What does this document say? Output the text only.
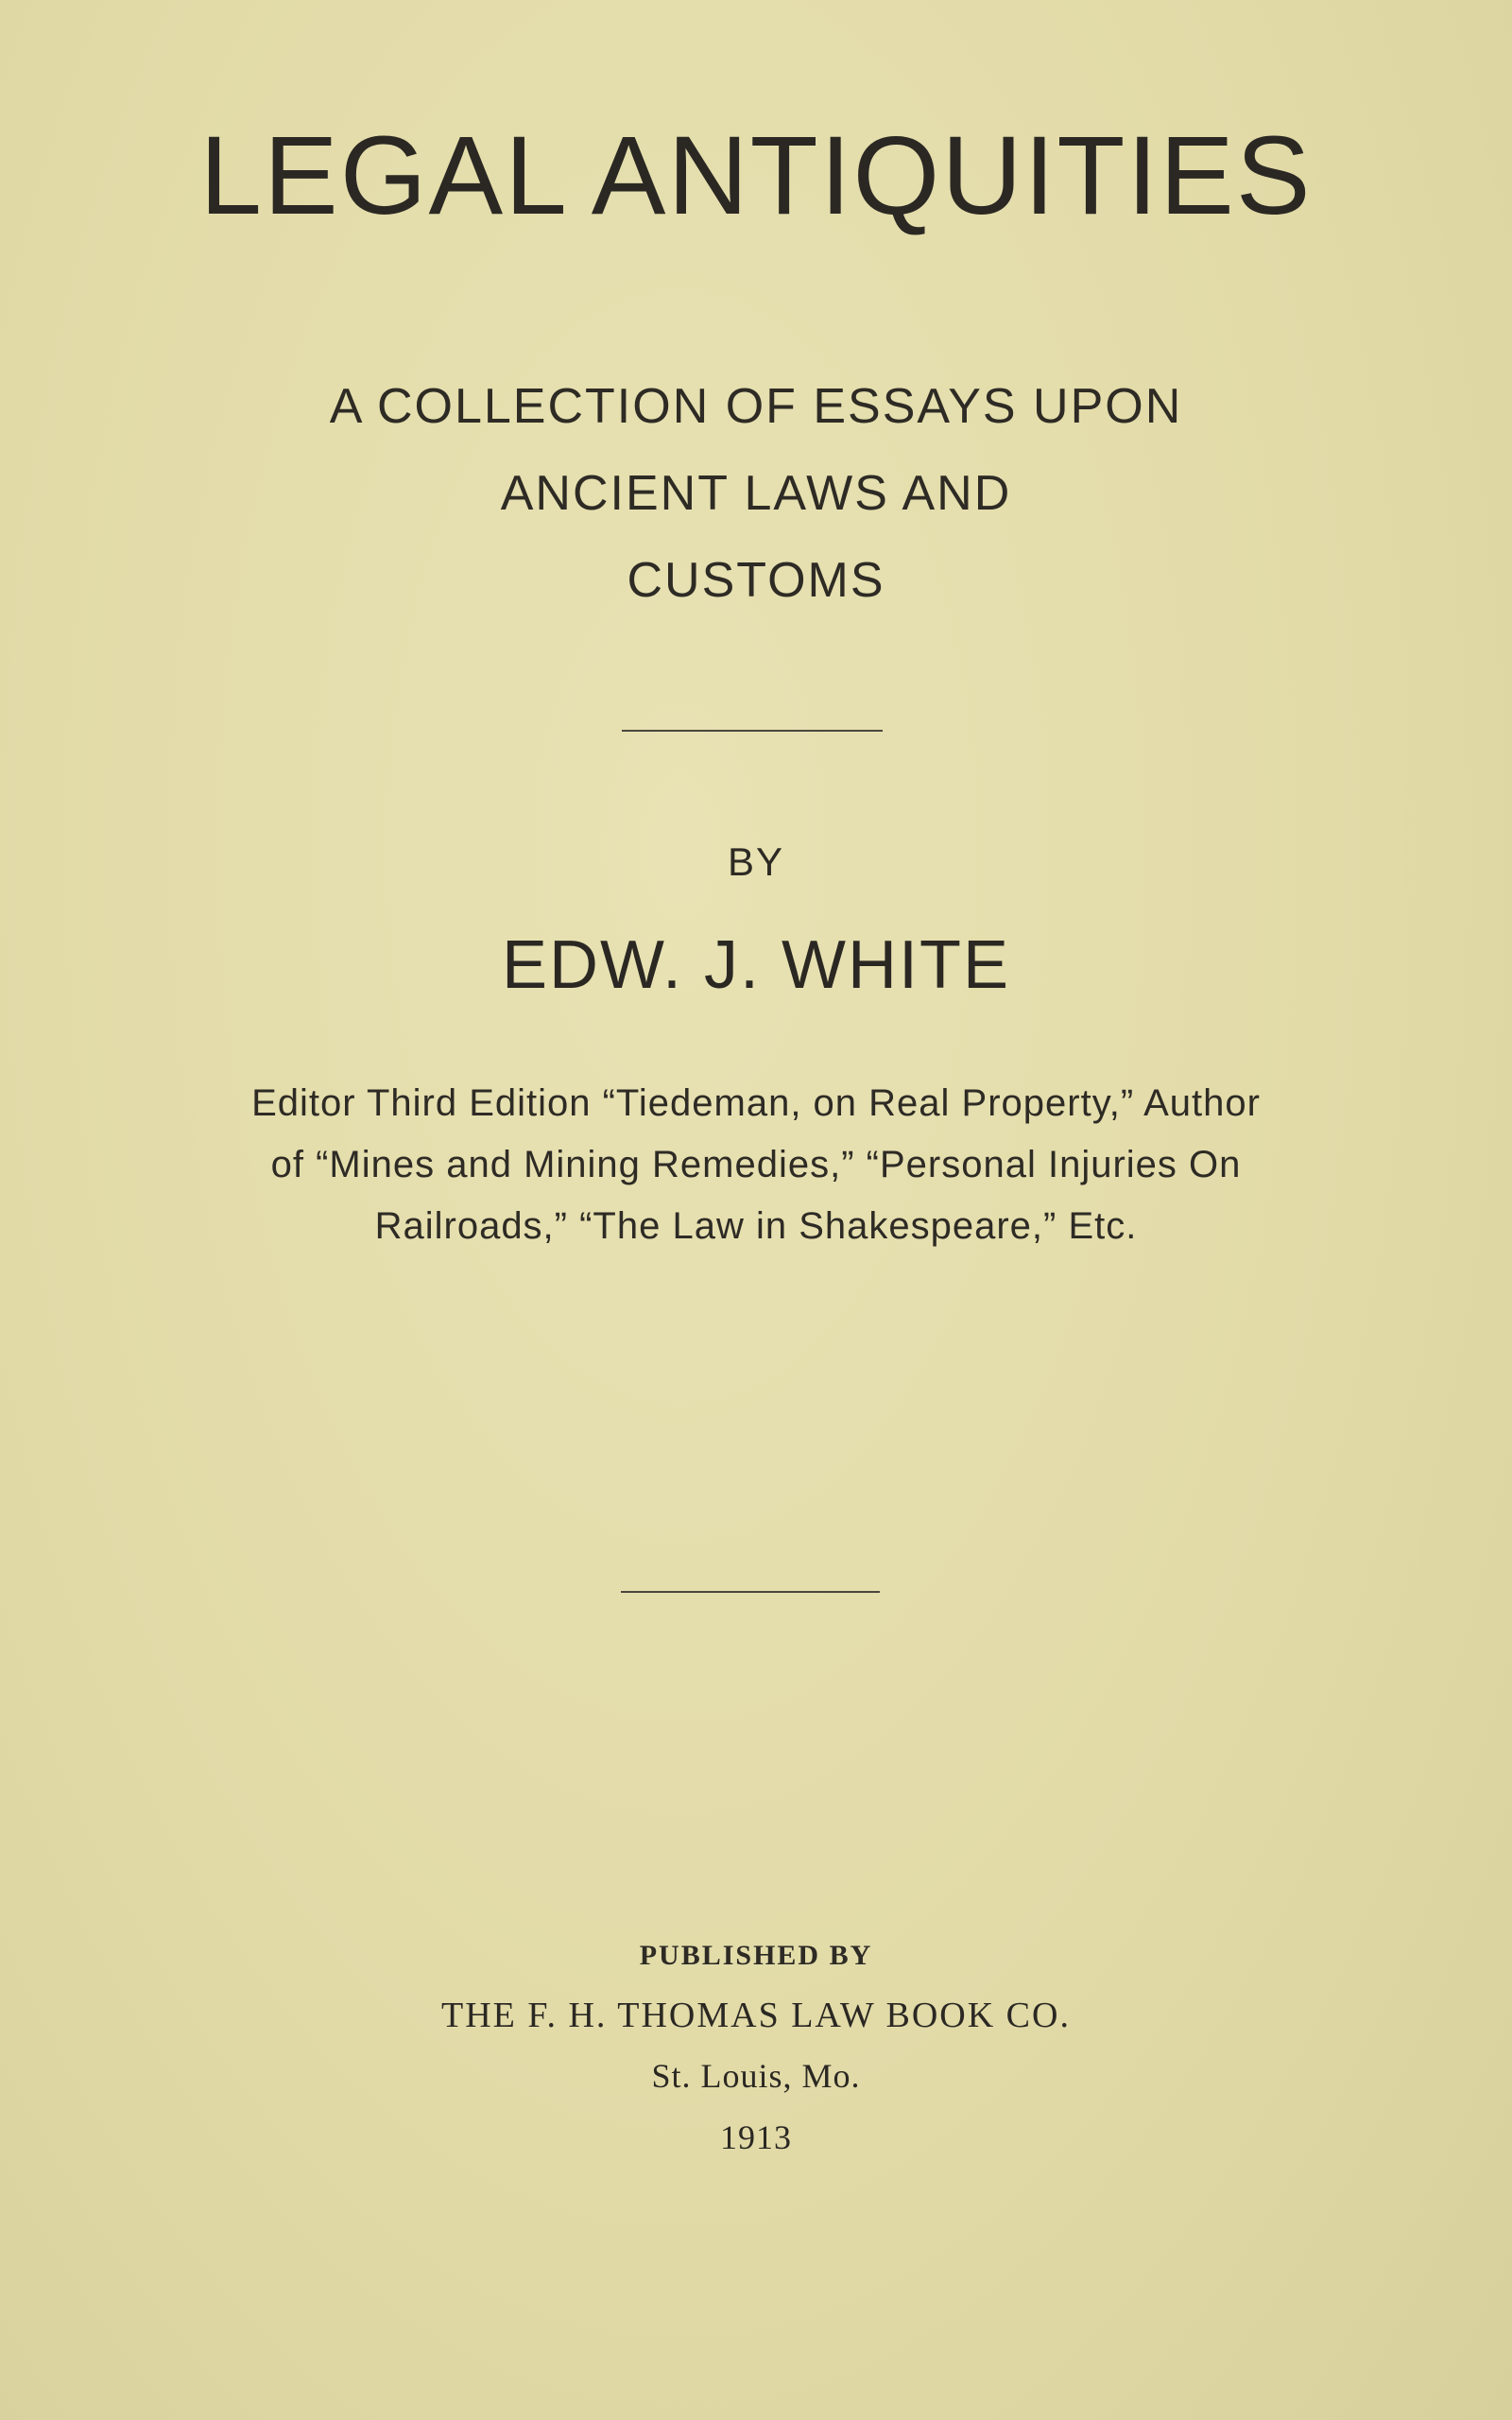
LEGAL ANTIQUITIES
A COLLECTION OF ESSAYS UPON
ANCIENT LAWS AND
CUSTOMS
BY
EDW. J. WHITE
Editor Third Edition “Tiedeman, on Real Property,” Author
of “Mines and Mining Remedies,” “Personal Injuries On
Railroads,” “The Law in Shakespeare,” Etc.
PUBLISHED BY
THE F. H. THOMAS LAW BOOK CO.
St. Louis, Mo.
1913
